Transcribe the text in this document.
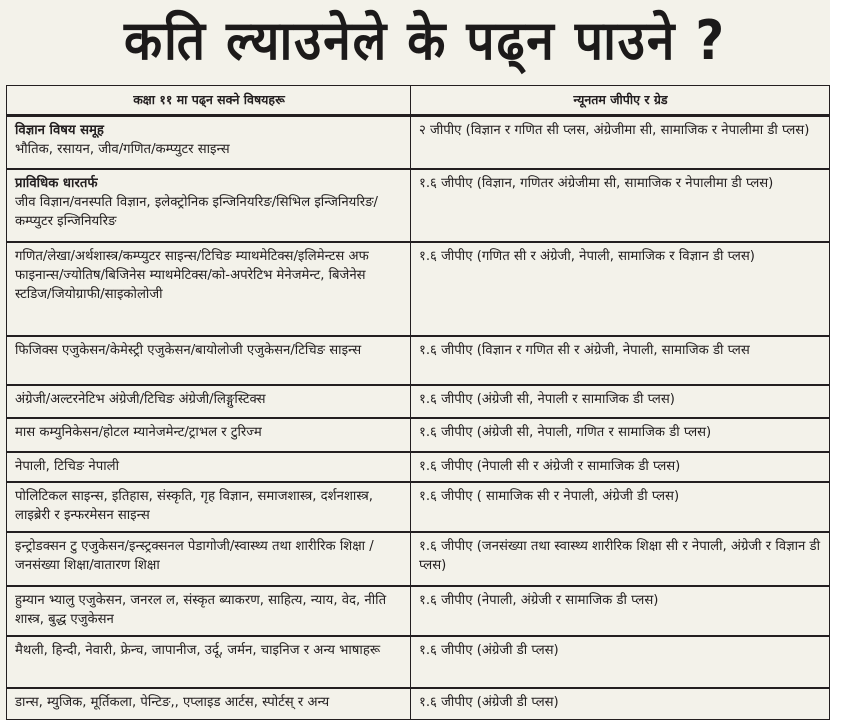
कति ल्याउनेले के पढ्न पाउने ?
कक्षा ११ मा पढ्न सक्ने विषयहरू	न्यूनतम जीपीए र ग्रेड

विज्ञान विषय समूह
भौतिक, रसायन, जीव/गणित/कम्प्युटर साइन्स	२ जीपीए (विज्ञान र गणित सी प्लस, अंग्रेजीमा सी, सामाजिक र नेपालीमा डी प्लस)

प्राविधिक धारतर्फ
जीव विज्ञान/वनस्पति विज्ञान, इलेक्ट्रोनिक इन्जिनियरिङ/सिभिल इन्जिनियरिङ/कम्प्युटर इन्जिनियरिङ	१.६ जीपीए (विज्ञान, गणितर अंग्रेजीमा सी, सामाजिक र नेपालीमा डी प्लस)
गणित/लेखा/अर्थशास्त्र/कम्प्युटर साइन्स/टिचिङ म्याथमेटिक्स/इलिमेन्टस अफ फाइनान्स/ज्योतिष/बिजिनेस म्याथमेटिक्स/को-अपरेटिभ मेनेजमेन्ट, बिजेनेस स्टडिज/जियोग्राफी/साइकोलोजी	१.६ जीपीए (गणित सी र अंग्रेजी, नेपाली, सामाजिक र विज्ञान डी प्लस)
फिजिक्स एजुकेसन/केमेस्ट्री एजुकेसन/बायोलोजी एजुकेसन/टिचिङ साइन्स	१.६ जीपीए (विज्ञान र गणित सी र अंग्रेजी, नेपाली, सामाजिक डी प्लस
अंग्रेजी/अल्टरनेटिभ अंग्रेजी/टिचिङ अंग्रेजी/लिङ्गुस्टिक्स	१.६ जीपीए (अंग्रेजी सी, नेपाली र सामाजिक डी प्लस)
मास कम्युनिकेसन/होटल म्यानेजमेन्ट/ट्राभल र टुरिज्म	१.६ जीपीए (अंग्रेजी सी, नेपाली, गणित र सामाजिक डी प्लस)
नेपाली, टिचिङ नेपाली	१.६ जीपीए (नेपाली सी र अंग्रेजी र सामाजिक डी प्लस)
पोलिटिकल साइन्स, इतिहास, संस्कृति, गृह विज्ञान, समाजशास्त्र, दर्शनशास्त्र, लाइब्रेरी र इन्फरमेसन साइन्स	१.६ जीपीए ( सामाजिक सी र नेपाली, अंग्रेजी डी प्लस)
इन्ट्रोडक्सन टु एजुकेसन/इन्स्ट्रक्सनल पेडागोजी/स्वास्थ्य तथा शारीरिक शिक्षा /जनसंख्या शिक्षा/वातारण शिक्षा	१.६ जीपीए (जनसंख्या तथा स्वास्थ्य शारीरिक शिक्षा सी र नेपाली, अंग्रेजी र विज्ञान डी प्लस)
हुम्यान भ्यालु एजुकेसन, जनरल ल, संस्कृत ब्याकरण, साहित्य, न्याय, वेद, नीति शास्त्र, बुद्ध एजुकेसन	१.६ जीपीए (नेपाली, अंग्रेजी र सामाजिक डी प्लस)
मैथली, हिन्दी, नेवारी, फ्रेन्च, जापानीज, उर्दू, जर्मन, चाइनिज र अन्य भाषाहरू	१.६ जीपीए (अंग्रेजी डी प्लस)
डान्स, म्युजिक, मूर्तिकला, पेन्टिङ,, एप्लाइड आर्टस, स्पोर्टस् र अन्य	१.६ जीपीए (अंग्रेजी डी प्लस)
